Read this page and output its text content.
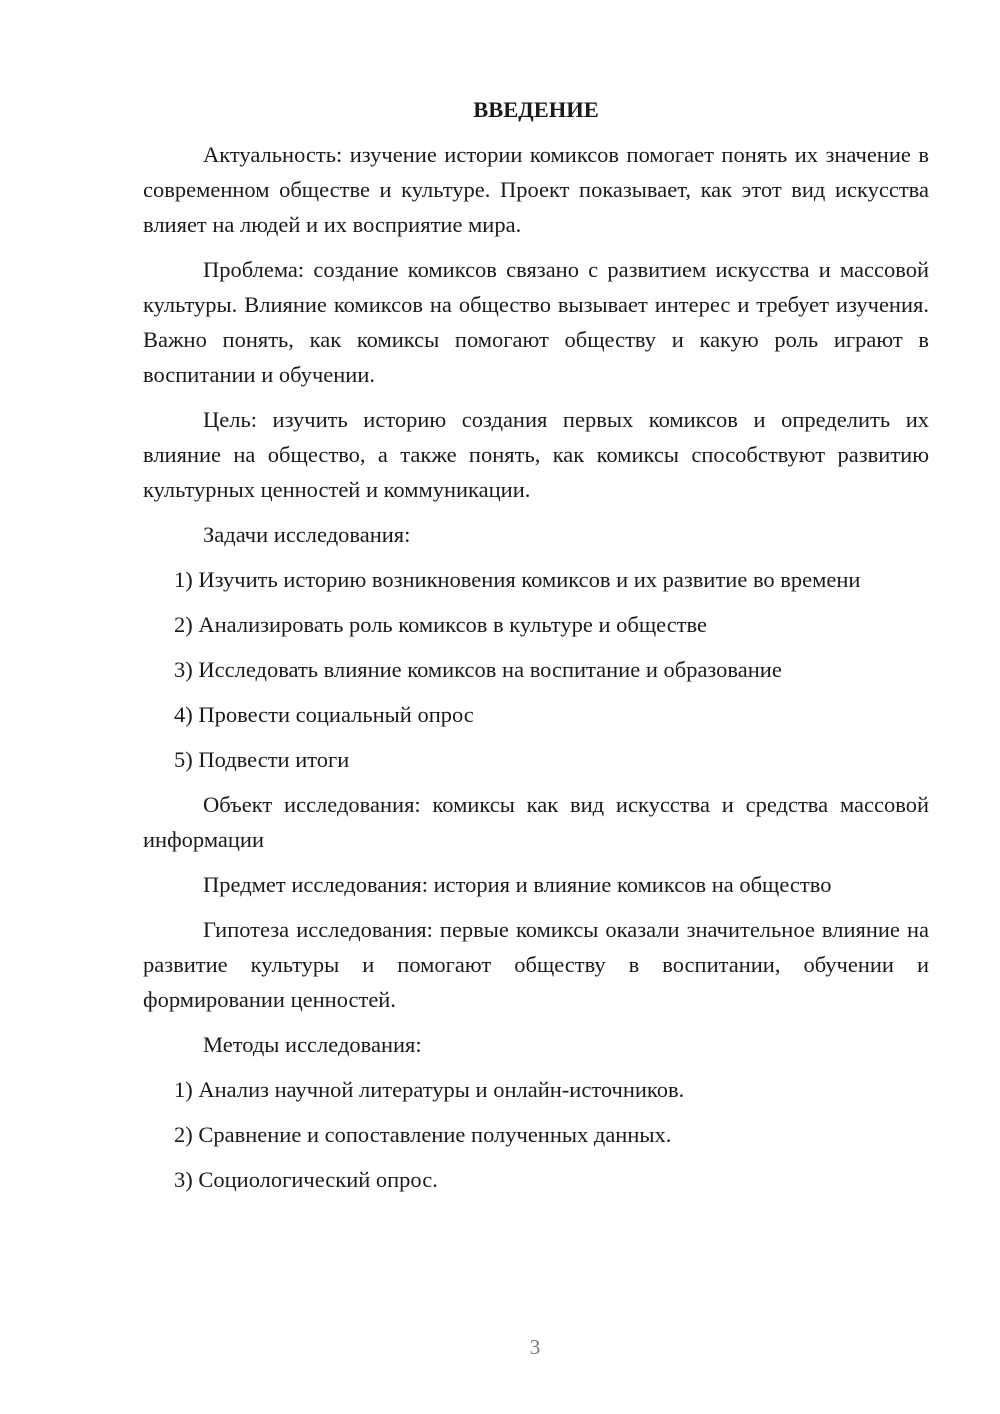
ВВЕДЕНИЕ
Актуальность: изучение истории комиксов помогает понять их значение в современном обществе и культуре. Проект показывает, как этот вид искусства влияет на людей и их восприятие мира.
Проблема: создание комиксов связано с развитием искусства и массовой культуры. Влияние комиксов на общество вызывает интерес и требует изучения. Важно понять, как комиксы помогают обществу и какую роль играют в воспитании и обучении.
Цель: изучить историю создания первых комиксов и определить их влияние на общество, а также понять, как комиксы способствуют развитию культурных ценностей и коммуникации.
Задачи исследования:
1) Изучить историю возникновения комиксов и их развитие во времени
2) Анализировать роль комиксов в культуре и обществе
3) Исследовать влияние комиксов на воспитание и образование
4) Провести социальный опрос
5) Подвести итоги
Объект исследования: комиксы как вид искусства и средства массовой информации
Предмет исследования: история и влияние комиксов на общество
Гипотеза исследования: первые комиксы оказали значительное влияние на развитие культуры и помогают обществу в воспитании, обучении и формировании ценностей.
Методы исследования:
1) Анализ научной литературы и онлайн-источников.
2) Сравнение и сопоставление полученных данных.
3) Социологический опрос.
3
